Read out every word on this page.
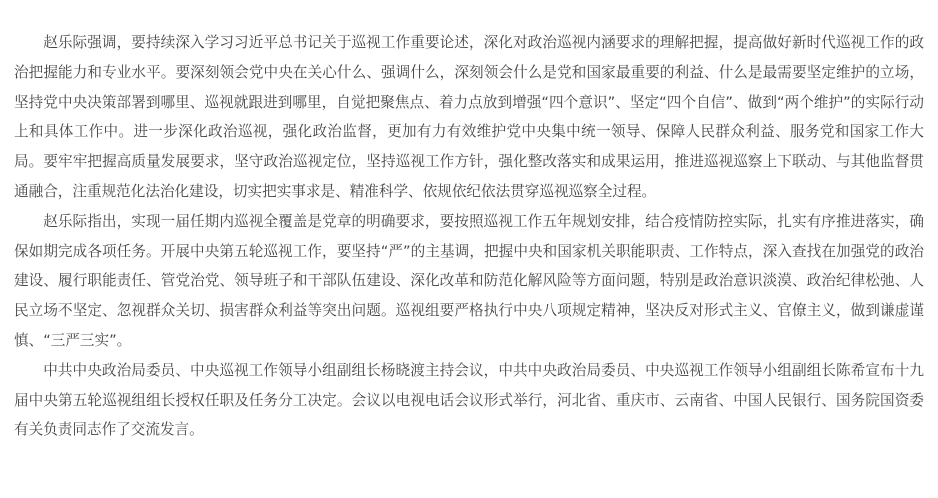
赵乐际强调，要持续深入学习习近平总书记关于巡视工作重要论述，深化对政治巡视内涵要求的理解把握，提高做好新时代巡视工作的政治把握能力和专业水平。要深刻领会党中央在关心什么、强调什么，深刻领会什么是党和国家最重要的利益、什么是最需要坚定维护的立场，坚持党中央决策部署到哪里、巡视就跟进到哪里，自觉把聚焦点、着力点放到增强“四个意识”、坚定“四个自信”、做到“两个维护”的实际行动上和具体工作中。进一步深化政治巡视，强化政治监督，更加有力有效维护党中央集中统一领导、保障人民群众利益、服务党和国家工作大局。要牢牢把握高质量发展要求，坚守政治巡视定位，坚持巡视工作方针，强化整改落实和成果运用，推进巡视巡察上下联动、与其他监督贯通融合，注重规范化法治化建设，切实把实事求是、精准科学、依规依纪依法贯穿巡视巡察全过程。

赵乐际指出，实现一届任期内巡视全覆盖是党章的明确要求，要按照巡视工作五年规划安排，结合疫情防控实际，扎实有序推进落实，确保如期完成各项任务。开展中央第五轮巡视工作，要坚持“严”的主基调，把握中央和国家机关职能职责、工作特点，深入查找在加强党的政治建设、履行职能责任、管党治党、领导班子和干部队伍建设、深化改革和防范化解风险等方面问题，特别是政治意识淡漠、政治纪律松弛、人民立场不坚定、忽视群众关切、损害群众利益等突出问题。巡视组要严格执行中央八项规定精神，坚决反对形式主义、官僚主义，做到谦虚谨慎、“三严三实”。

中共中央政治局委员、中央巡视工作领导小组副组长杨晓渡主持会议，中共中央政治局委员、中央巡视工作领导小组副组长陈希宣布十九届中央第五轮巡视组组长授权任职及任务分工决定。会议以电视电话会议形式举行，河北省、重庆市、云南省、中国人民银行、国务院国资委有关负责同志作了交流发言。
